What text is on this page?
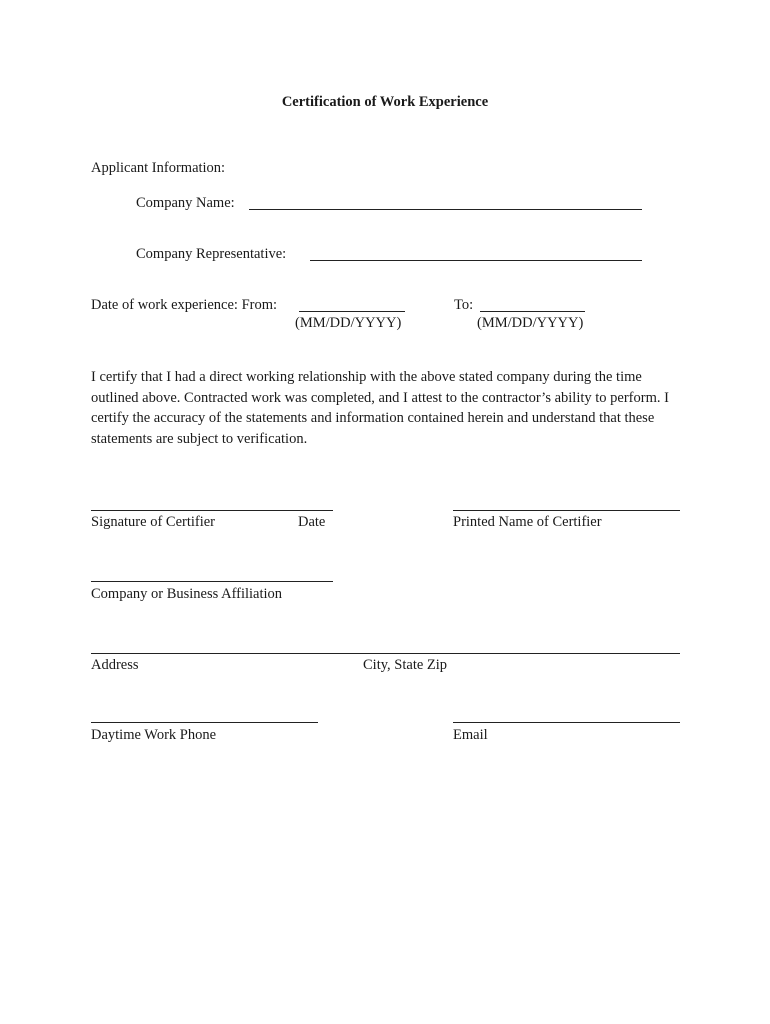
Certification of Work Experience
Applicant Information:
Company Name:
Company Representative:
Date of work experience: From:
(MM/DD/YYYY)
To:
(MM/DD/YYYY)
I certify that I had a direct working relationship with the above stated company during the time outlined above. Contracted work was completed, and I attest to the contractor’s ability to perform. I certify the accuracy of the statements and information contained herein and understand that these statements are subject to verification.
Signature of Certifier	Date	Printed Name of Certifier
Company or Business Affiliation
Address	City, State Zip
Daytime Work Phone	Email
